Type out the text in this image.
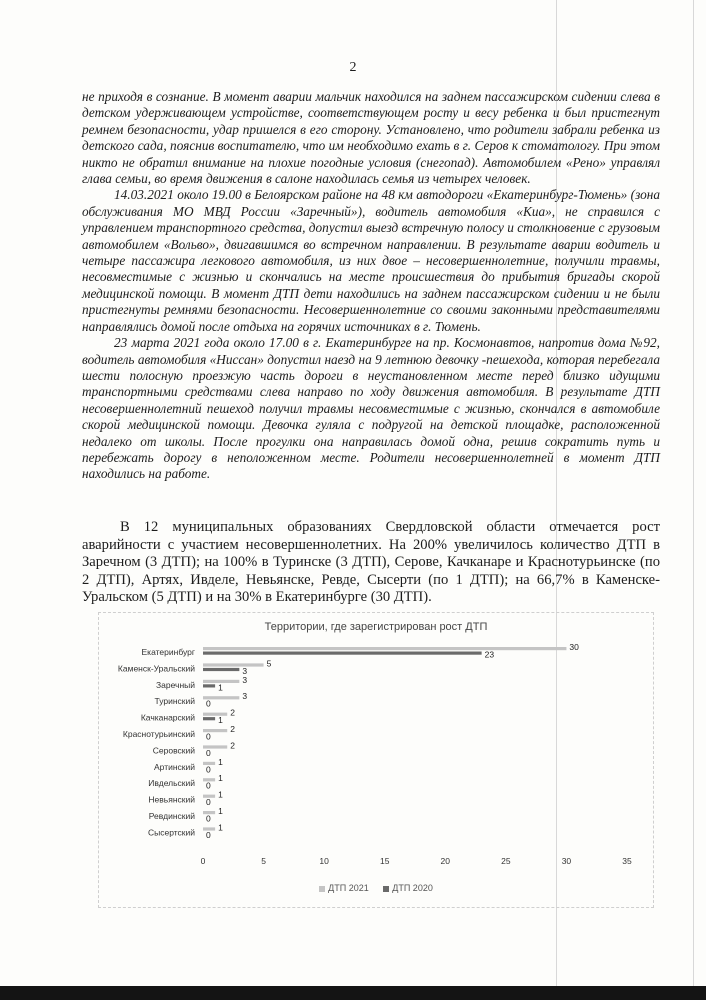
2

не приходя в сознание. В момент аварии мальчик находился на заднем пассажирском сидении слева в детском удерживающем устройстве, соответствующем росту и весу ребенка и был пристегнут ремнем безопасности, удар пришелся в его сторону. Установлено, что родители забрали ребенка из детского сада, пояснив воспитателю, что им необходимо ехать в г. Серов к стоматологу. При этом никто не обратил внимание на плохие погодные условия (снегопад). Автомобилем «Рено» управлял глава семьи, во время движения в салоне находилась семья из четырех человек.

14.03.2021 около 19.00 в Белоярском районе на 48 км автодороги «Екатеринбург-Тюмень» (зона обслуживания МО МВД России «Заречный»), водитель автомобиля «Киа», не справился с управлением транспортного средства, допустил выезд встречную полосу и столкновение с грузовым автомобилем «Вольво», двигавшимся во встречном направлении. В результате аварии водитель и четыре пассажира легкового автомобиля, из них двое – несовершеннолетние, получили травмы, несовместимые с жизнью и скончались на месте происшествия до прибытия бригады скорой медицинской помощи. В момент ДТП дети находились на заднем пассажирском сидении и не были пристегнуты ремнями безопасности. Несовершеннолетние со своими законными представителями направлялись домой после отдыха на горячих источниках в г. Тюмень.

23 марта 2021 года около 17.00 в г. Екатеринбурге на пр. Космонавтов, напротив дома №92, водитель автомобиля «Ниссан» допустил наезд на 9 летнюю девочку -пешехода, которая перебегала шести полосную проезжую часть дороги в неустановленном месте перед близко идущими транспортными средствами слева направо по ходу движения автомобиля. В результате ДТП несовершеннолетний пешеход получил травмы несовместимые с жизнью, скончался в автомобиле скорой медицинской помощи. Девочка гуляла с подругой на детской площадке, расположенной недалеко от школы. После прогулки она направилась домой одна, решив сократить путь и перебежать дорогу в неположенном месте. Родители несовершеннолетней в момент ДТП находились на работе.

В 12 муниципальных образованиях Свердловской области отмечается рост аварийности с участием несовершеннолетних. На 200% увеличилось количество ДТП в Заречном (3 ДТП); на 100% в Туринске (3 ДТП), Серове, Качканаре и Краснотурьинске (по 2 ДТП), Артях, Ивделе, Невьянске, Ревде, Сысерти (по 1 ДТП); на 66,7% в Каменске-Уральском (5 ДТП) и на 30% в Екатеринбурге (30 ДТП).
Территории, где зарегистрирован рост ДТП
Екатеринбург	30
23
Каменск-Уральский	5
3
Заречный	3
1
Туринский	3
0
Качканарский	2
1
Краснотурьинский	2
0
Серовский	2
0
Артинский	1
0
Ивдельский	1
0
Невьянский	1
0
Ревдинский	1
0
Сысертский	1
0
0	5	10	15	20	25	30	35
ДТП 2021	ДТП 2020
